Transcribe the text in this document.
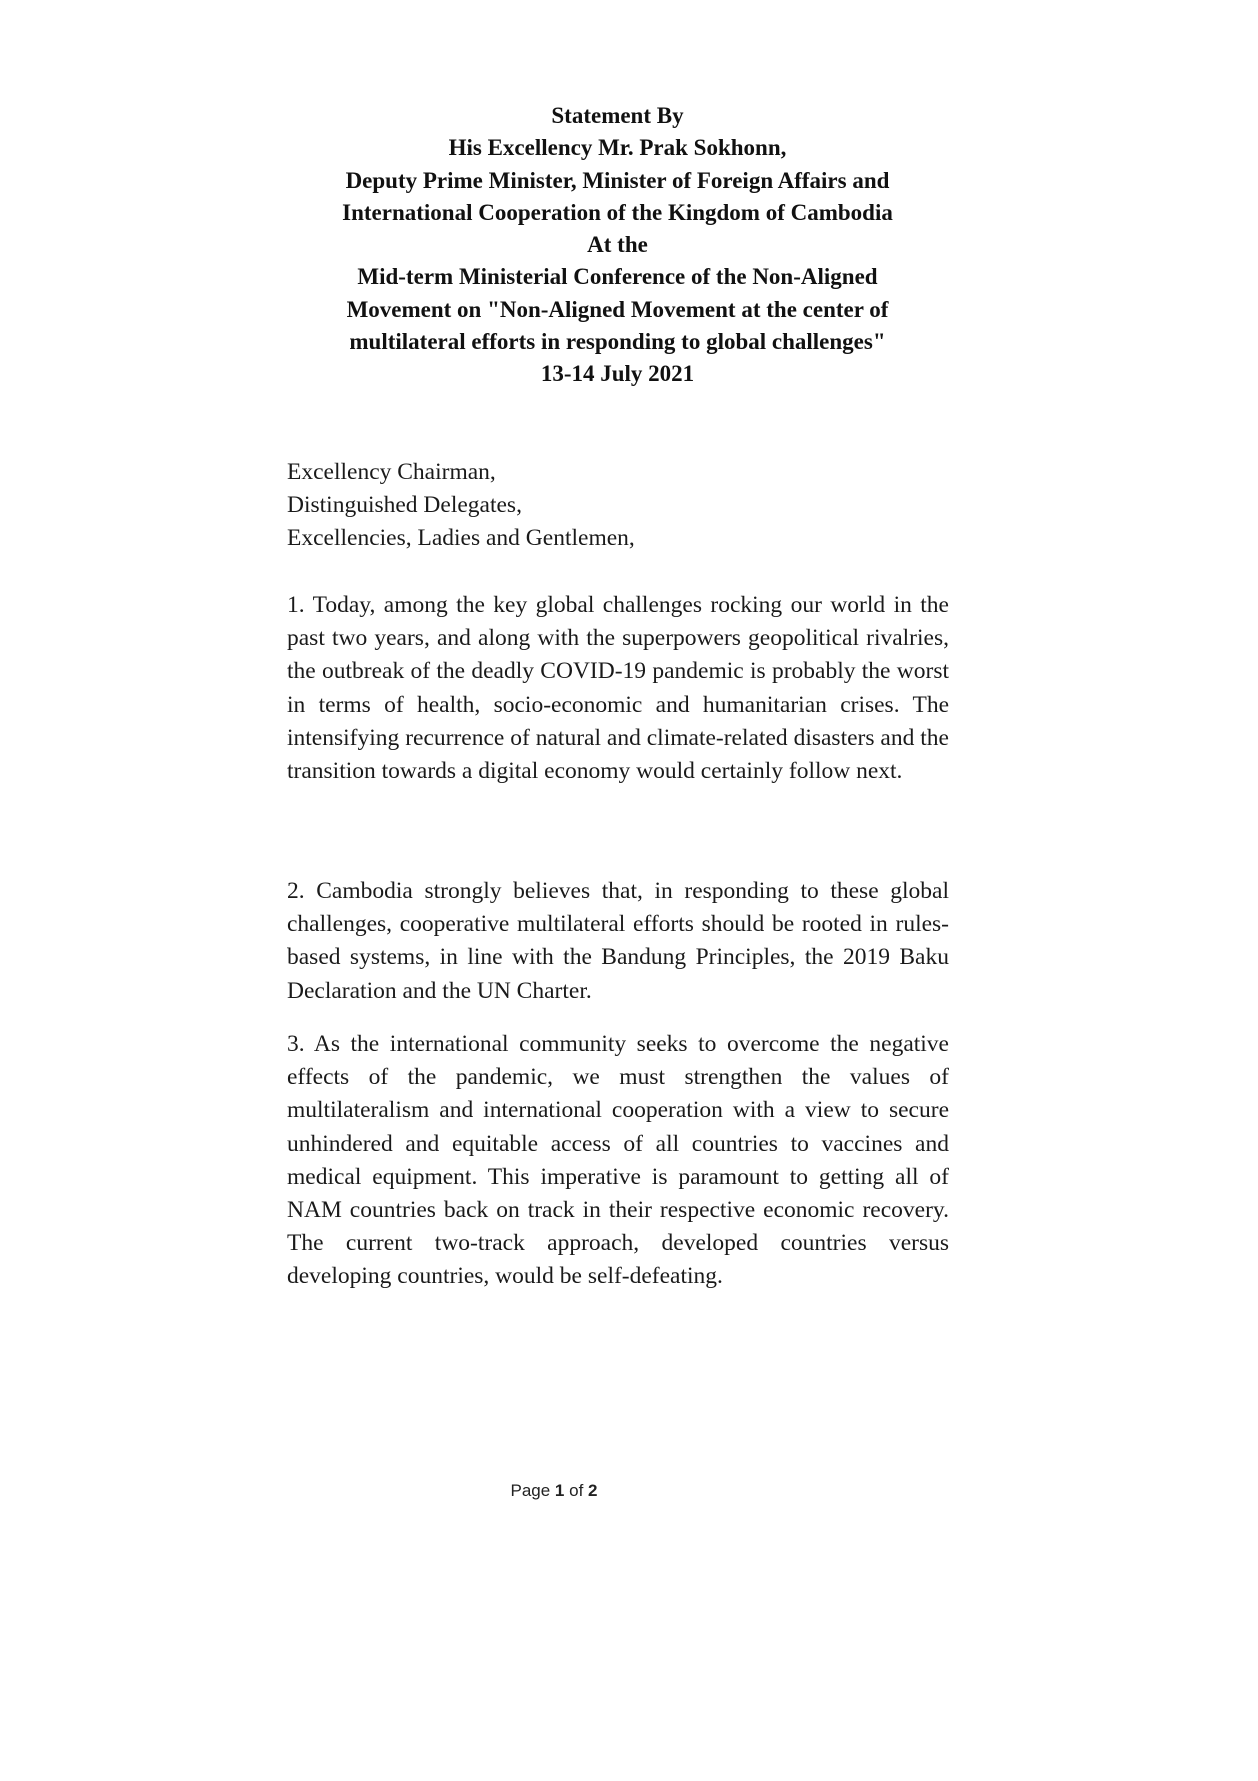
Statement By
His Excellency Mr. Prak Sokhonn,
Deputy Prime Minister, Minister of Foreign Affairs and
International Cooperation of the Kingdom of Cambodia
At the
Mid-term Ministerial Conference of the Non-Aligned
Movement on "Non-Aligned Movement at the center of
multilateral efforts in responding to global challenges"
13-14 July 2021
Excellency Chairman,
Distinguished Delegates,
Excellencies, Ladies and Gentlemen,

1. Today, among the key global challenges rocking our world in the past two years, and along with the superpowers geopolitical rivalries, the outbreak of the deadly COVID-19 pandemic is probably the worst in terms of health, socio-economic and humanitarian crises. The intensifying recurrence of natural and climate-related disasters and the transition towards a digital economy would certainly follow next.

2. Cambodia strongly believes that, in responding to these global challenges, cooperative multilateral efforts should be rooted in rules-based systems, in line with the Bandung Principles, the 2019 Baku Declaration and the UN Charter.

3. As the international community seeks to overcome the negative effects of the pandemic, we must strengthen the values of multilateralism and international cooperation with a view to secure unhindered and equitable access of all countries to vaccines and medical equipment. This imperative is paramount to getting all of NAM countries back on track in their respective economic recovery. The current two-track approach, developed countries versus developing countries, would be self-defeating.

Page 1 of 2
